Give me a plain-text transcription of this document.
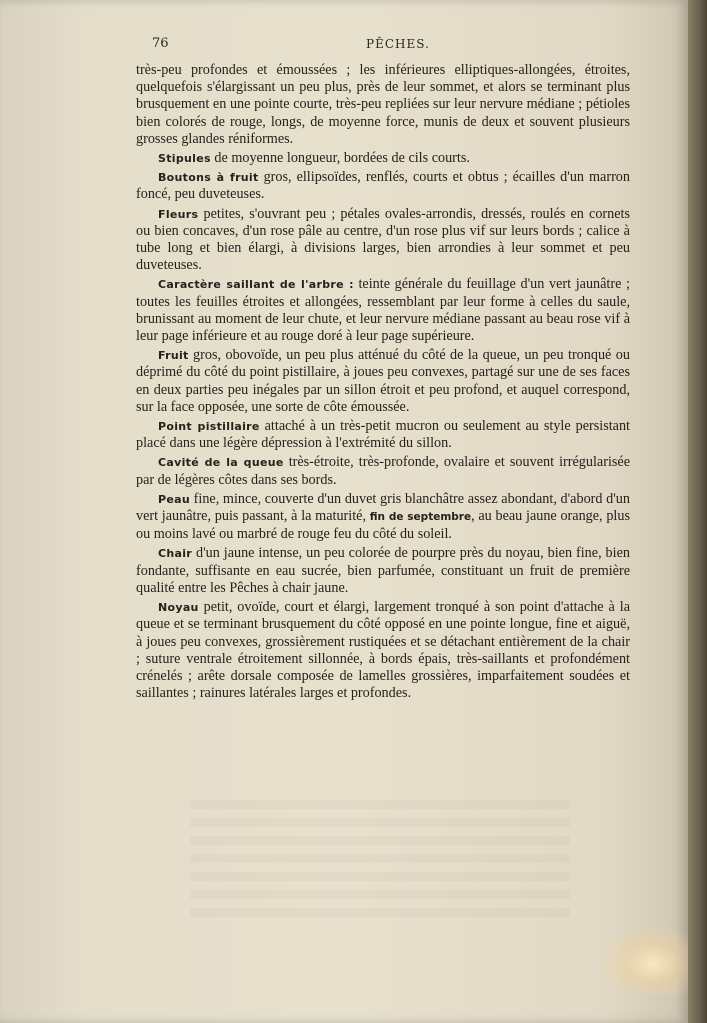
76	PÊCHES.

très-peu profondes et émoussées ; les inférieures elliptiques-allongées, étroites, quelquefois s'élargissant un peu plus, près de leur sommet, et alors se terminant plus brusquement en une pointe courte, très-peu repliées sur leur nervure médiane ; pétioles bien colorés de rouge, longs, de moyenne force, munis de deux et souvent plusieurs grosses glandes réniformes.

Stipules de moyenne longueur, bordées de cils courts.

Boutons à fruit gros, ellipsoïdes, renflés, courts et obtus ; écailles d'un marron foncé, peu duveteuses.

Fleurs petites, s'ouvrant peu ; pétales ovales-arrondis, dressés, roulés en cornets ou bien concaves, d'un rose pâle au centre, d'un rose plus vif sur leurs bords ; calice à tube long et bien élargi, à divisions larges, bien arrondies à leur sommet et peu duveteuses.

Caractère saillant de l'arbre : teinte générale du feuillage d'un vert jaunâtre ; toutes les feuilles étroites et allongées, ressemblant par leur forme à celles du saule, brunissant au moment de leur chute, et leur nervure médiane passant au beau rose vif à leur page inférieure et au rouge doré à leur page supérieure.

Fruit gros, obovoïde, un peu plus atténué du côté de la queue, un peu tronqué ou déprimé du côté du point pistillaire, à joues peu convexes, partagé sur une de ses faces en deux parties peu inégales par un sillon étroit et peu profond, et auquel correspond, sur la face opposée, une sorte de côte émoussée.

Point pistillaire attaché à un très-petit mucron ou seulement au style persistant placé dans une légère dépression à l'extrémité du sillon.

Cavité de la queue très-étroite, très-profonde, ovalaire et souvent irrégularisée par de légères côtes dans ses bords.

Peau fine, mince, couverte d'un duvet gris blanchâtre assez abondant, d'abord d'un vert jaunâtre, puis passant, à la maturité, fin de septembre, au beau jaune orange, plus ou moins lavé ou marbré de rouge feu du côté du soleil.

Chair d'un jaune intense, un peu colorée de pourpre près du noyau, bien fine, bien fondante, suffisante en eau sucrée, bien parfumée, constituant un fruit de première qualité entre les Pêches à chair jaune.

Noyau petit, ovoïde, court et élargi, largement tronqué à son point d'attache à la queue et se terminant brusquement du côté opposé en une pointe longue, fine et aiguë, à joues peu convexes, grossièrement rustiquées et se détachant entièrement de la chair ; suture ventrale étroitement sillonnée, à bords épais, très-saillants et profondément crénelés ; arête dorsale composée de lamelles grossières, imparfaitement soudées et saillantes ; rainures latérales larges et profondes.
